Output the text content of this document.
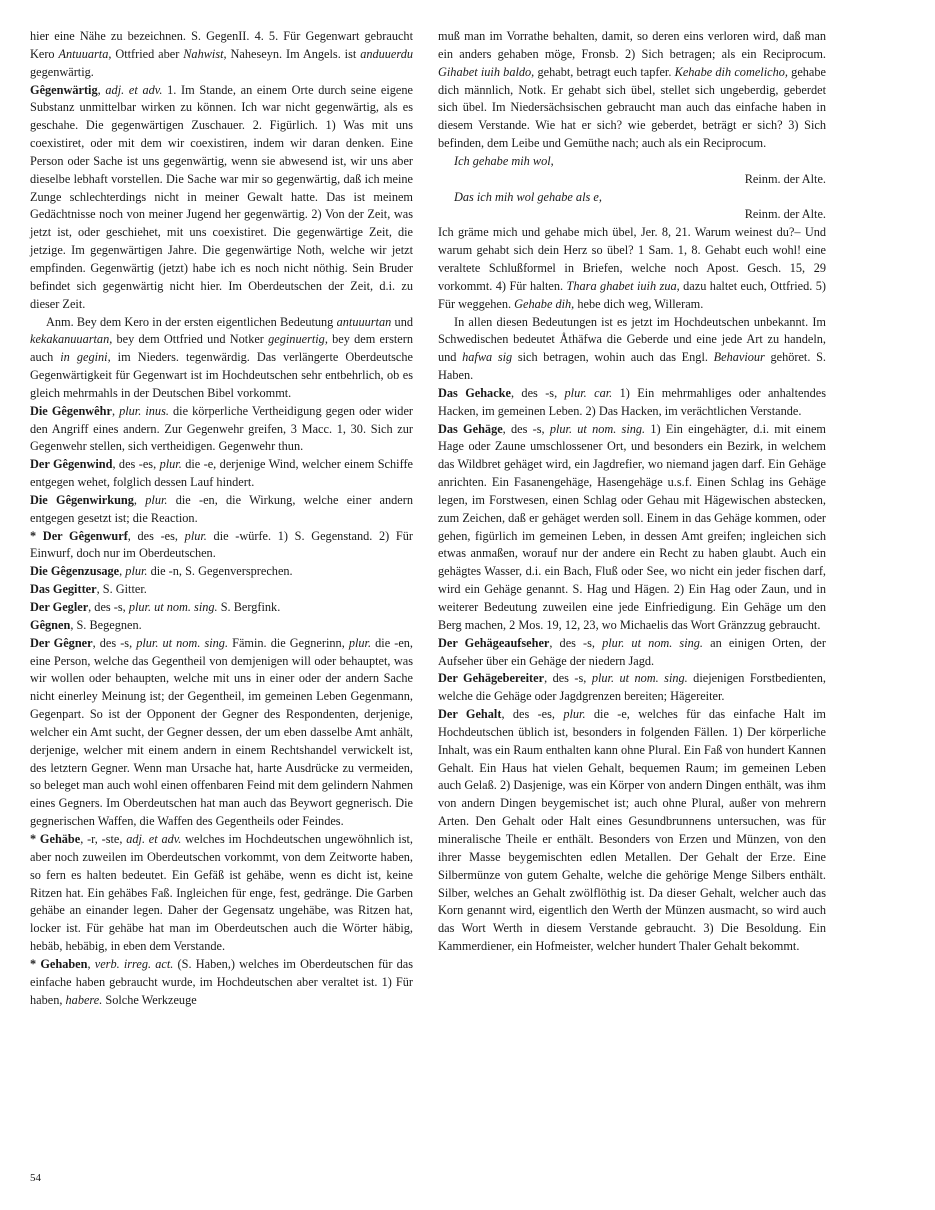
hier eine Nähe zu bezeichnen. S. GegenII. 4. 5. Für Gegenwart gebraucht Kero Antuuarta, Ottfried aber Nahwist, Naheseyn. Im Angels. ist anduuerdu gegenwärtig.

Gêgenwärtig, adj. et adv. 1. Im Stande, an einem Orte durch seine eigene Substanz unmittelbar wirken zu können. Ich war nicht gegenwärtig, als es geschahe. Die gegenwärtigen Zuschauer. 2. Figürlich. 1) Was mit uns coexistiret, oder mit dem wir coexistiren, indem wir daran denken. Eine Person oder Sache ist uns gegenwärtig, wenn sie abwesend ist, wir uns aber dieselbe lebhaft vorstellen. Die Sache war mir so gegenwärtig, daß ich meine Zunge schlechterdings nicht in meiner Gewalt hatte. Das ist meinem Gedächtnisse noch von meiner Jugend her gegenwärtig. 2) Von der Zeit, was jetzt ist, oder geschiehet, mit uns coexistiret. Die gegenwärtige Zeit, die jetzige. Im gegenwärtigen Jahre. Die gegenwärtige Noth, welche wir jetzt empfinden. Gegenwärtig (jetzt) habe ich es noch nicht nöthig. Sein Bruder befindet sich gegenwärtig nicht hier. Im Oberdeutschen der Zeit, d.i. zu dieser Zeit.

Anm. Bey dem Kero in der ersten eigentlichen Bedeutung antuuurtan und kekakanuuartan, bey dem Ottfried und Notker geginuertig, bey dem erstern auch in gegini, im Nieders. tegenwärdig. Das verlängerte Oberdeutsche Gegenwärtigkeit für Gegenwart ist im Hochdeutschen sehr entbehrlich, ob es gleich mehrmahls in der Deutschen Bibel vorkommt.

Die Gêgenwêhr, plur. inus. die körperliche Vertheidigung gegen oder wider den Angriff eines andern. Zur Gegenwehr greifen, 3 Macc. 1, 30. Sich zur Gegenwehr stellen, sich vertheidigen. Gegenwehr thun.

Der Gêgenwind, des -es, plur. die -e, derjenige Wind, welcher einem Schiffe entgegen wehet, folglich dessen Lauf hindert.

Die Gêgenwirkung, plur. die -en, die Wirkung, welche einer andern entgegen gesetzt ist; die Reaction.

* Der Gêgenwurf, des -es, plur. die -würfe. 1) S. Gegenstand. 2) Für Einwurf, doch nur im Oberdeutschen.

Die Gêgenzusage, plur. die -n, S. Gegenversprechen.

Das Gegitter, S. Gitter.

Der Gegler, des -s, plur. ut nom. sing. S. Bergfink.

Gêgnen, S. Begegnen.

Der Gêgner, des -s, plur. ut nom. sing. Fämin. die Gegnerinn, plur. die -en, eine Person, welche das Gegentheil von demjenigen will oder behauptet, was wir wollen oder behaupten, welche mit uns in einer oder der andern Sache nicht einerley Meinung ist; der Gegentheil, im gemeinen Leben Gegenmann, Gegenpart. So ist der Opponent der Gegner des Respondenten, derjenige, welcher ein Amt sucht, der Gegner dessen, der um eben dasselbe Amt anhält, derjenige, welcher mit einem andern in einem Rechtshandel verwickelt ist, des letztern Gegner. Wenn man Ursache hat, harte Ausdrücke zu vermeiden, so beleget man auch wohl einen offenbaren Feind mit dem gelindern Nahmen eines Gegners. Im Oberdeutschen hat man auch das Beywort gegnerisch. Die gegnerischen Waffen, die Waffen des Gegentheils oder Feindes.

* Gehäbe, -r, -ste, adj. et adv. welches im Hochdeutschen ungewöhnlich ist, aber noch zuweilen im Oberdeutschen vorkommt, von dem Zeitworte haben, so fern es halten bedeutet. Ein Gefäß ist gehäbe, wenn es dicht ist, keine Ritzen hat. Ein gehäbes Faß. Ingleichen für enge, fest, gedränge. Die Garben gehäbe an einander legen. Daher der Gegensatz ungehäbe, was Ritzen hat, locker ist. Für gehäbe hat man im Oberdeutschen auch die Wörter häbig, hebäb, hebäbig, in eben dem Verstande.

* Gehaben, verb. irreg. act. (S. Haben,) welches im Oberdeutschen für das einfache haben gebraucht wurde, im Hochdeutschen aber veraltet ist. 1) Für haben, habere. Solche Werkzeuge

muß man im Vorrathe behalten, damit, so deren eins verloren wird, daß man ein anders gehaben möge, Fronsb. 2) Sich betragen; als ein Reciprocum. Gihabet iuih baldo, gehabt, betragt euch tapfer. Kehabe dih comelicho, gehabe dich männlich, Notk. Er gehabt sich übel, stellet sich ungeberdig, geberdet sich übel. Im Niedersächsischen gebraucht man auch das einfache haben in diesem Verstande. Wie hat er sich? wie geberdet, beträgt er sich? 3) Sich befinden, dem Leibe und Gemüthe nach; auch als ein Reciprocum.

Ich gehabe mih wol,

Reinm. der Alte.

Das ich mih wol gehabe als e,

Reinm. der Alte.

Ich gräme mich und gehabe mich übel, Jer. 8, 21. Warum weinest du?– Und warum gehabt sich dein Herz so übel? 1 Sam. 1, 8. Gehabt euch wohl! eine veraltete Schlußformel in Briefen, welche noch Apost. Gesch. 15, 29 vorkommt. 4) Für halten. Thara ghabet iuih zua, dazu haltet euch, Ottfried. 5) Für weggehen. Gehabe dih, hebe dich weg, Willeram.

In allen diesen Bedeutungen ist es jetzt im Hochdeutschen unbekannt. Im Schwedischen bedeutet Åthäfwa die Geberde und eine jede Art zu handeln, und hafwa sig sich betragen, wohin auch das Engl. Behaviour gehöret. S. Haben.

Das Gehacke, des -s, plur. car. 1) Ein mehrmahliges oder anhaltendes Hacken, im gemeinen Leben. 2) Das Hacken, im verächtlichen Verstande.

Das Gehäge, des -s, plur. ut nom. sing. 1) Ein eingehägter, d.i. mit einem Hage oder Zaune umschlossener Ort, und besonders ein Bezirk, in welchem das Wildbret gehäget wird, ein Jagdrefier, wo niemand jagen darf. Ein Gehäge anrichten. Ein Fasanengehäge, Hasengehäge u.s.f. Einen Schlag ins Gehäge legen, im Forstwesen, einen Schlag oder Gehau mit Hägewischen abstecken, zum Zeichen, daß er gehäget werden soll. Einem in das Gehäge kommen, oder gehen, figürlich im gemeinen Leben, in dessen Amt greifen; ingleichen sich etwas anmaßen, worauf nur der andere ein Recht zu haben glaubt. Auch ein gehägtes Wasser, d.i. ein Bach, Fluß oder See, wo nicht ein jeder fischen darf, wird ein Gehäge genannt. S. Hag und Hägen. 2) Ein Hag oder Zaun, und in weiterer Bedeutung zuweilen eine jede Einfriedigung. Ein Gehäge um den Berg machen, 2 Mos. 19, 12, 23, wo Michaelis das Wort Gränzzug gebraucht.

Der Gehägeaufseher, des -s, plur. ut nom. sing. an einigen Orten, der Aufseher über ein Gehäge der niedern Jagd.

Der Gehägebereiter, des -s, plur. ut nom. sing. diejenigen Forstbedienten, welche die Gehäge oder Jagdgrenzen bereiten; Hägereiter.

Der Gehalt, des -es, plur. die -e, welches für das einfache Halt im Hochdeutschen üblich ist, besonders in folgenden Fällen. 1) Der körperliche Inhalt, was ein Raum enthalten kann ohne Plural. Ein Faß von hundert Kannen Gehalt. Ein Haus hat vielen Gehalt, bequemen Raum; im gemeinen Leben auch Gelaß. 2) Dasjenige, was ein Körper von andern Dingen enthält, was ihm von andern Dingen beygemischet ist; auch ohne Plural, außer von mehrern Arten. Den Gehalt oder Halt eines Gesundbrunnens untersuchen, was für mineralische Theile er enthält. Besonders von Erzen und Münzen, von den ihrer Masse beygemischten edlen Metallen. Der Gehalt der Erze. Eine Silbermünze von gutem Gehalte, welche die gehörige Menge Silbers enthält. Silber, welches an Gehalt zwölflöthig ist. Da dieser Gehalt, welcher auch das Korn genannt wird, eigentlich den Werth der Münzen ausmacht, so wird auch das Wort Werth in diesem Verstande gebraucht. 3) Die Besoldung. Ein Kammerdiener, ein Hofmeister, welcher hundert Thaler Gehalt bekommt.

54
